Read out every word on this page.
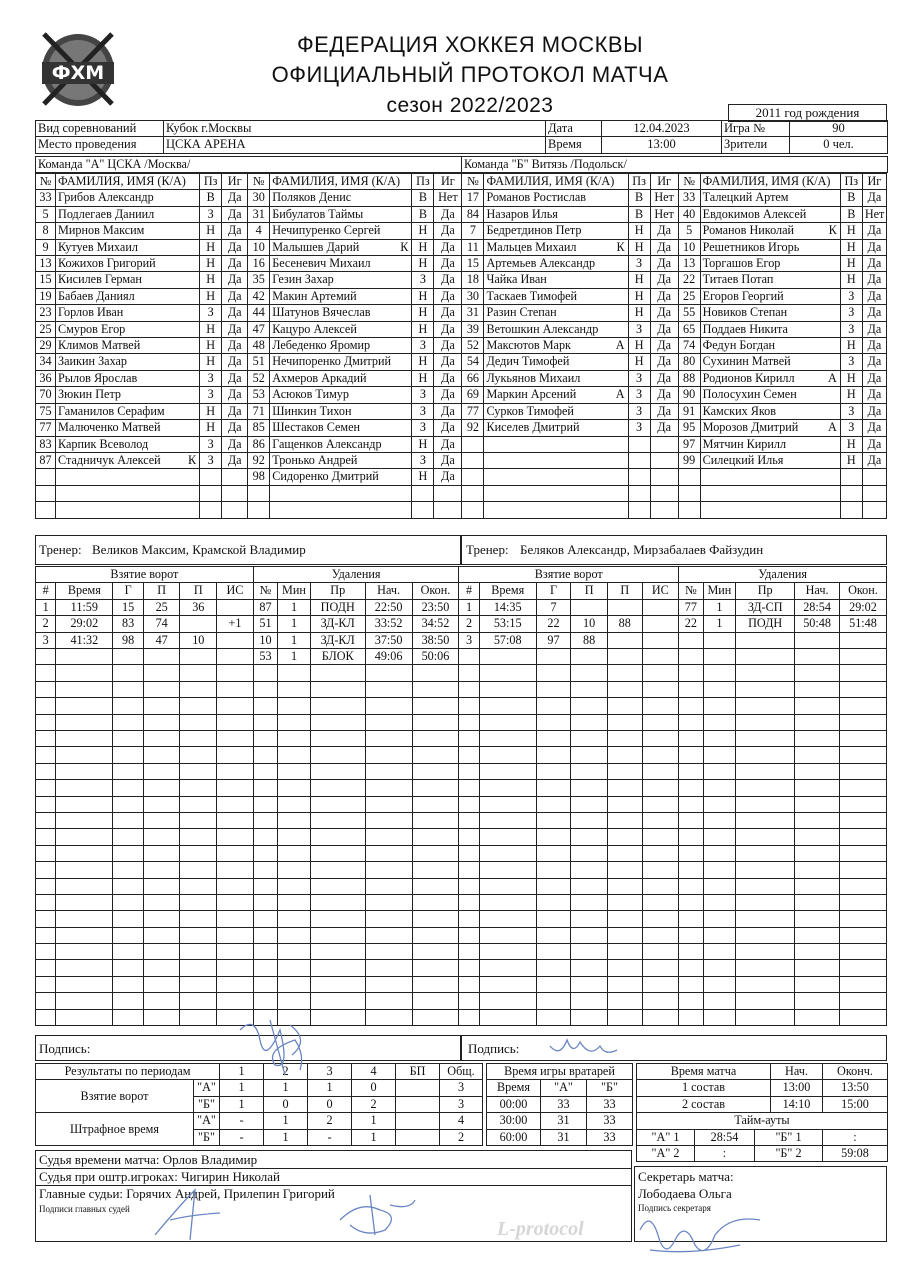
ФХМ
ФЕДЕРАЦИЯ ХОККЕЯ МОСКВЫ
ОФИЦИАЛЬНЫЙ ПРОТОКОЛ МАТЧА
сезон 2022/2023	2011 год рождения
Вид соревнований	Кубок г.Москвы	Дата	12.04.2023	Игра №	90
Место проведения	ЦСКА АРЕНА	Время	13:00	Зрители	0 чел.
Команда "А" ЦСКА /Москва/	Команда "Б" Витязь /Подольск/
№	ФАМИЛИЯ, ИМЯ (К/А)	Пз	Иг	№	ФАМИЛИЯ, ИМЯ (К/А)	Пз	Иг	№	ФАМИЛИЯ, ИМЯ (К/А)	Пз	Иг	№	ФАМИЛИЯ, ИМЯ (К/А)	Пз	Иг
33	Грибов Александр	В	Да	30	Поляков Денис	В	Нет	17	Романов Ростислав	В	Нет	33	Талецкий Артем	В	Да
5	Подлегаев Даниил	З	Да	31	Бибулатов Таймы	В	Да	84	Назаров Илья	В	Нет	40	Евдокимов Алексей	В	Нет
8	Мирнов Максим	Н	Да	4	Нечипуренко Сергей	Н	Да	7	Бедретдинов Петр	Н	Да	5	Романов Николай К	Н	Да
9	Кутуев Михаил	Н	Да	10	Малышев Дарий К	Н	Да	11	Мальцев Михаил К	Н	Да	10	Решетников Игорь	Н	Да
13	Кожихов Григорий	Н	Да	16	Бесеневич Михаил	Н	Да	15	Артемьев Александр	З	Да	13	Торгашов Егор	Н	Да
15	Кисилев Герман	Н	Да	35	Гезин Захар	З	Да	18	Чайка Иван	Н	Да	22	Титаев Потап	Н	Да
19	Бабаев Даниял	Н	Да	42	Макин Артемий	Н	Да	30	Таскаев Тимофей	Н	Да	25	Егоров Георгий	З	Да
23	Горлов Иван	З	Да	44	Шатунов Вячеслав	Н	Да	31	Разин Степан	Н	Да	55	Новиков Степан	З	Да
25	Смуров Егор	Н	Да	47	Кацуро Алексей	Н	Да	39	Ветошкин Александр	З	Да	65	Поддаев Никита	З	Да
29	Климов Матвей	Н	Да	48	Лебеденко Яромир	З	Да	52	Максютов Марк А	Н	Да	74	Федун Богдан	Н	Да
34	Заикин Захар	Н	Да	51	Нечипоренко Дмитрий	Н	Да	54	Дедич Тимофей	Н	Да	80	Сухинин Матвей	З	Да
36	Рылов Ярослав	З	Да	52	Ахмеров Аркадий	Н	Да	66	Лукьянов Михаил	З	Да	88	Родионов Кирилл А	Н	Да
70	Зюкин Петр	З	Да	53	Асюков Тимур	З	Да	69	Маркин Арсений А	З	Да	90	Полосухин Семен	Н	Да
75	Гаманилов Серафим	Н	Да	71	Шинкин Тихон	З	Да	77	Сурков Тимофей	З	Да	91	Камских Яков	З	Да
77	Малюченко Матвей	Н	Да	85	Шестаков Семен	З	Да	92	Киселев Дмитрий	З	Да	95	Морозов Дмитрий А	З	Да
83	Карпик Всеволод	З	Да	86	Гащенков Александр	Н	Да					97	Мятчин Кирилл	Н	Да
87	Стадничук Алексей К	З	Да	92	Тронько Андрей	З	Да					99	Силецкий Илья	Н	Да

			98	Сидоренко Дмитрий	Н	Да		

Тренер: Великов Максим, Крамской Владимир	Тренер: Беляков Александр, Мирзабалаев Файзудин
Взятие ворот						Удаления					Взятие ворот						Удаления				
#	Время	Г	П	П	ИС	№	Мин	Пр	Нач.	Окон.	#	Время	Г	П	П	ИС	№	Мин	Пр	Нач.	Окон.
1	11:59	15	25	36		87	1	ПОДН	22:50	23:50	1	14:35	7				77	1	ЗД-СП	28:54	29:02
2	29:02	83	74		+1	51	1	ЗД-КЛ	33:52	34:52	2	53:15	22	10	88		22	1	ПОДН	50:48	51:48
3	41:32	98	47	10		10	1	ЗД-КЛ	37:50	38:50	3	57:08	97	88							
						53	1	БЛОК	49:06	50:06											

Подпись:	Подпись:
Результаты по периодам		1	2	3	4	БП	Общ.
Взятие ворот	"А"	1	1	1	0		3
	"Б"	1	0	0	2		3
Штрафное время	"А"	-	1	2	1		4
	"Б"	-	1	-	1		2
Время игры вратарей		
Время	"А"	"Б"
00:00	33	33
30:00	31	33
60:00	31	33
Время матча			Нач.	Оконч.
1 состав			13:00	13:50
2 состав			14:10	15:00
Тайм-ауты				
"А" 1	28:54	"Б" 1		:
"А" 2	:	"Б" 2		59:08
Судья времени матча: Орлов Владимир
Судья при оштр.игроках: Чигирин Николай
Главные судьи: Горячих Андрей, Прилепин Григорий
Подписи главных судей
Секретарь матча:
Лободаева Ольга
Подпись секретаря
L-protocol
